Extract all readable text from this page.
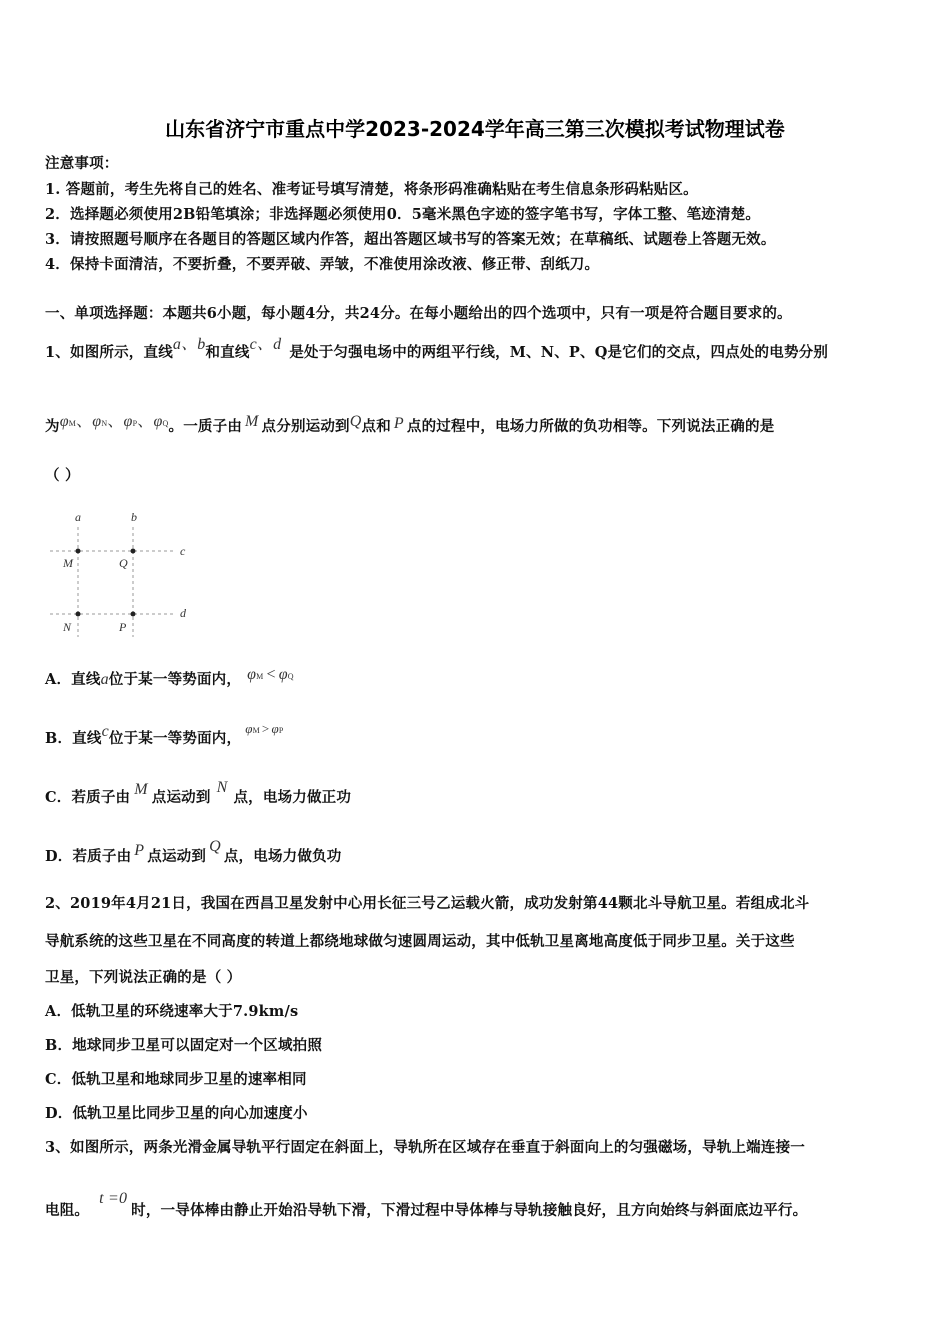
山东省济宁市重点中学2023-2024学年高三第三次模拟考试物理试卷
注意事项：
1. 答题前，考生先将自己的姓名、准考证号填写清楚，将条形码准确粘贴在考生信息条形码粘贴区。
2．选择题必须使用2B铅笔填涂；非选择题必须使用0．5毫米黑色字迹的签字笔书写，字体工整、笔迹清楚。
3．请按照题号顺序在各题目的答题区域内作答，超出答题区域书写的答案无效；在草稿纸、试题卷上答题无效。
4．保持卡面清洁，不要折叠，不要弄破、弄皱，不准使用涂改液、修正带、刮纸刀。
一、单项选择题：本题共6小题，每小题4分，共24分。在每小题给出的四个选项中，只有一项是符合题目要求的。
1、如图所示，直线a、b和直线c、d 是处于匀强电场中的两组平行线，M、N、P、Q是它们的交点，四点处的电势分别
为φM、φN、φP、φQ。一质子由 M 点分别运动到Q点和 P 点的过程中，电场力所做的负功相等。下列说法正确的是
（ ）
a	b
c
d
M	Q
N	P
A．直线a位于某一等势面内， φM < φQ
B．直线c位于某一等势面内，φM > φP
C．若质子由 M 点运动到N点，电场力做正功
D．若质子由 P 点运动到Q点，电场力做负功
2、2019年4月21日，我国在西昌卫星发射中心用长征三号乙运载火箭，成功发射第44颗北斗导航卫星。若组成北斗
导航系统的这些卫星在不同高度的转道上都绕地球做匀速圆周运动，其中低轨卫星离地高度低于同步卫星。关于这些
卫星，下列说法正确的是（ ）
A．低轨卫星的环绕速率大于7.9km/s
B．地球同步卫星可以固定对一个区域拍照
C．低轨卫星和地球同步卫星的速率相同
D．低轨卫星比同步卫星的向心加速度小
3、如图所示，两条光滑金属导轨平行固定在斜面上，导轨所在区域存在垂直于斜面向上的匀强磁场，导轨上端连接一
电阻。t =0时，一导体棒由静止开始沿导轨下滑，下滑过程中导体棒与导轨接触良好，且方向始终与斜面底边平行。
